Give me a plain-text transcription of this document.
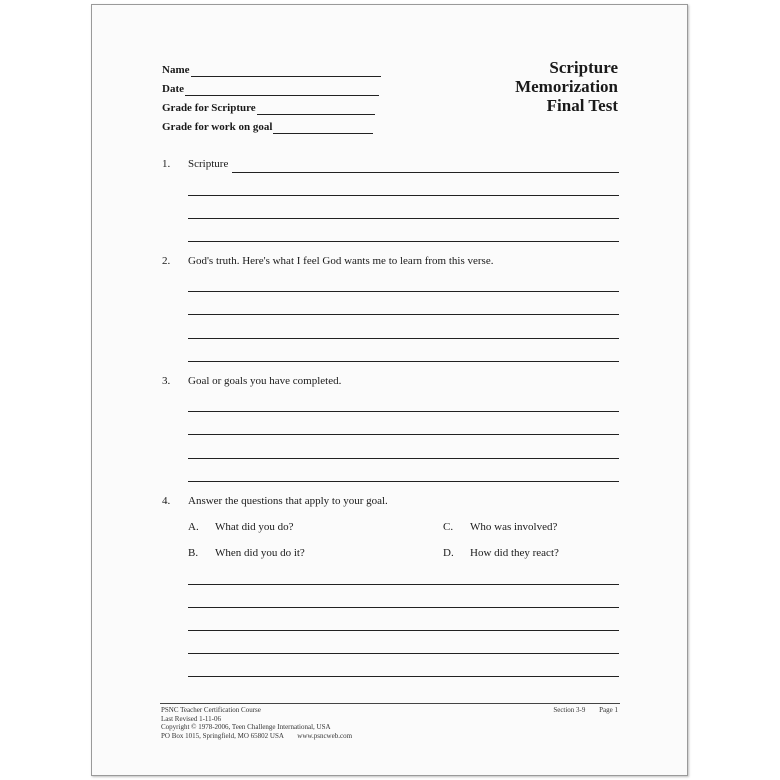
Name
Date
Grade for Scripture
Grade for work on goal
Scripture
Memorization
Final Test
1. Scripture
2. God's truth. Here's what I feel God wants me to learn from this verse.
3. Goal or goals you have completed.
4. Answer the questions that apply to your goal.
A. What did you do?	C. Who was involved?
B. When did you do it?	D. How did they react?
PSNC Teacher Certification Course
Last Revised 1-11-06
Copyright © 1978-2006, Teen Challenge International, USA
PO Box 1015, Springfield, MO 65802 USA www.psncweb.com
Section 3-9 Page 1
